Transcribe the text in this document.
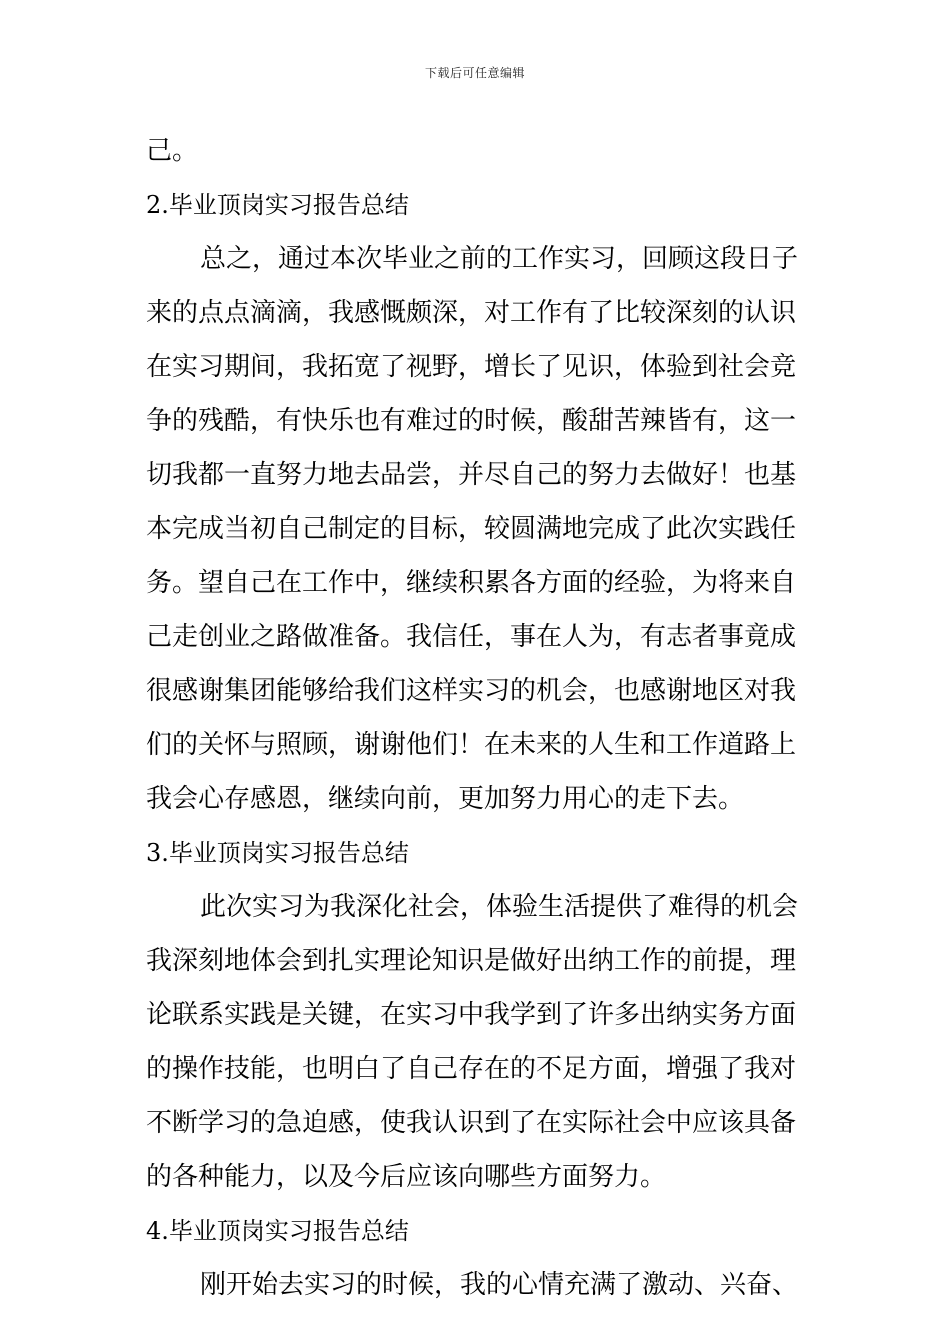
下载后可任意编辑
己。
2.毕业顶岗实习报告总结
总之，通过本次毕业之前的工作实习，回顾这段日子
来的点点滴滴，我感慨颇深，对工作有了比较深刻的认识
在实习期间，我拓宽了视野，增长了见识，体验到社会竞
争的残酷，有快乐也有难过的时候，酸甜苦辣皆有，这一
切我都一直努力地去品尝，并尽自己的努力去做好！也基
本完成当初自己制定的目标，较圆满地完成了此次实践任
务。望自己在工作中，继续积累各方面的经验，为将来自
己走创业之路做准备。我信任，事在人为，有志者事竟成
很感谢集团能够给我们这样实习的机会，也感谢地区对我
们的关怀与照顾，谢谢他们！在未来的人生和工作道路上
我会心存感恩，继续向前，更加努力用心的走下去。
3.毕业顶岗实习报告总结
此次实习为我深化社会，体验生活提供了难得的机会
我深刻地体会到扎实理论知识是做好出纳工作的前提，理
论联系实践是关键，在实习中我学到了许多出纳实务方面
的操作技能，也明白了自己存在的不足方面，增强了我对
不断学习的急迫感，使我认识到了在实际社会中应该具备
的各种能力，以及今后应该向哪些方面努力。
4.毕业顶岗实习报告总结
刚开始去实习的时候，我的心情充满了激动、兴奋、
